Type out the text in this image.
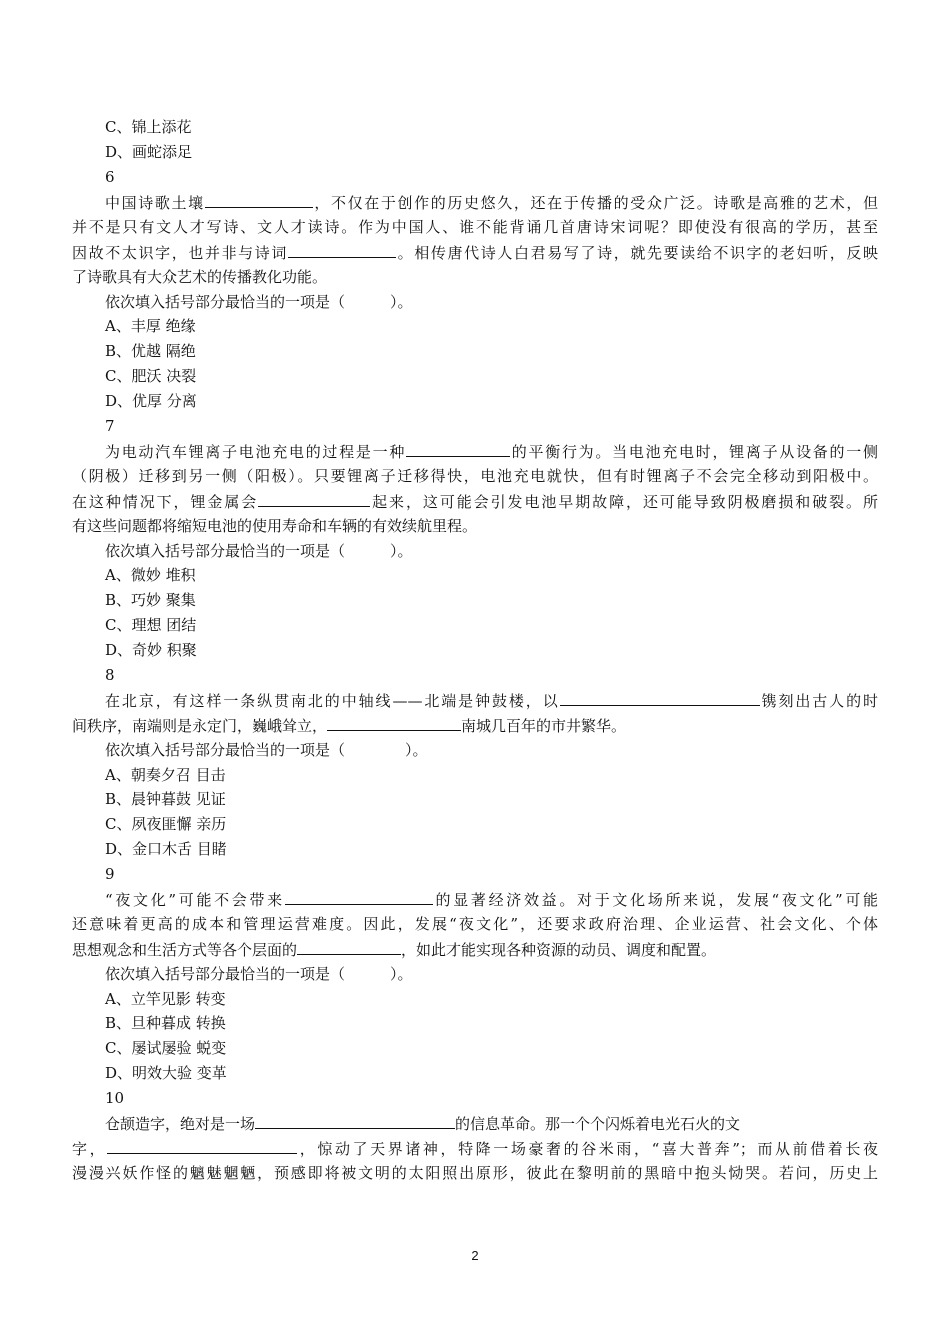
C、锦上添花
D、画蛇添足
6
中国诗歌土壤	，不仅在于创作的历史悠久，还在于传播的受众广泛。诗歌是高雅的艺术，但
并不是只有文人才写诗、文人才读诗。作为中国人、谁不能背诵几首唐诗宋词呢？即使没有很高的学历，甚至
因故不太识字，也并非与诗词	。相传唐代诗人白君易写了诗，就先要读给不识字的老妇听，反映
了诗歌具有大众艺术的传播教化功能。
依次填入括号部分最恰当的一项是（　　　）。
A、丰厚 绝缘
B、优越 隔绝
C、肥沃 决裂
D、优厚 分离
7
为电动汽车锂离子电池充电的过程是一种	的平衡行为。当电池充电时，锂离子从设备的一侧
（阴极）迁移到另一侧（阳极）。只要锂离子迁移得快，电池充电就快，但有时锂离子不会完全移动到阳极中。
在这种情况下，锂金属会	起来，这可能会引发电池早期故障，还可能导致阴极磨损和破裂。所
有这些问题都将缩短电池的使用寿命和车辆的有效续航里程。
依次填入括号部分最恰当的一项是（　　　）。
A、微妙 堆积
B、巧妙 聚集
C、理想 团结
D、奇妙 积聚
8
在北京，有这样一条纵贯南北的中轴线——北端是钟鼓楼，以	镌刻出古人的时
间秩序，南端则是永定门，巍峨耸立，	南城几百年的市井繁华。
依次填入括号部分最恰当的一项是（　　　　）。
A、朝奏夕召 目击
B、晨钟暮鼓 见证
C、夙夜匪懈 亲历
D、金口木舌 目睹
9
“夜文化”可能不会带来	的显著经济效益。对于文化场所来说，发展“夜文化”可能
还意味着更高的成本和管理运营难度。因此，发展“夜文化”，还要求政府治理、企业运营、社会文化、个体
思想观念和生活方式等各个层面的	，如此才能实现各种资源的动员、调度和配置。
依次填入括号部分最恰当的一项是（　　　）。
A、立竿见影 转变
B、旦种暮成 转换
C、屡试屡验 蜕变
D、明效大验 变革
10
仓颉造字，绝对是一场	的信息革命。那一个个闪烁着电光石火的文
字，	，惊动了天界诸神，特降一场豪奢的谷米雨，“喜大普奔”；而从前借着长夜
漫漫兴妖作怪的魑魅魍魉，预感即将被文明的太阳照出原形，彼此在黎明前的黑暗中抱头恸哭。若问，历史上
2
